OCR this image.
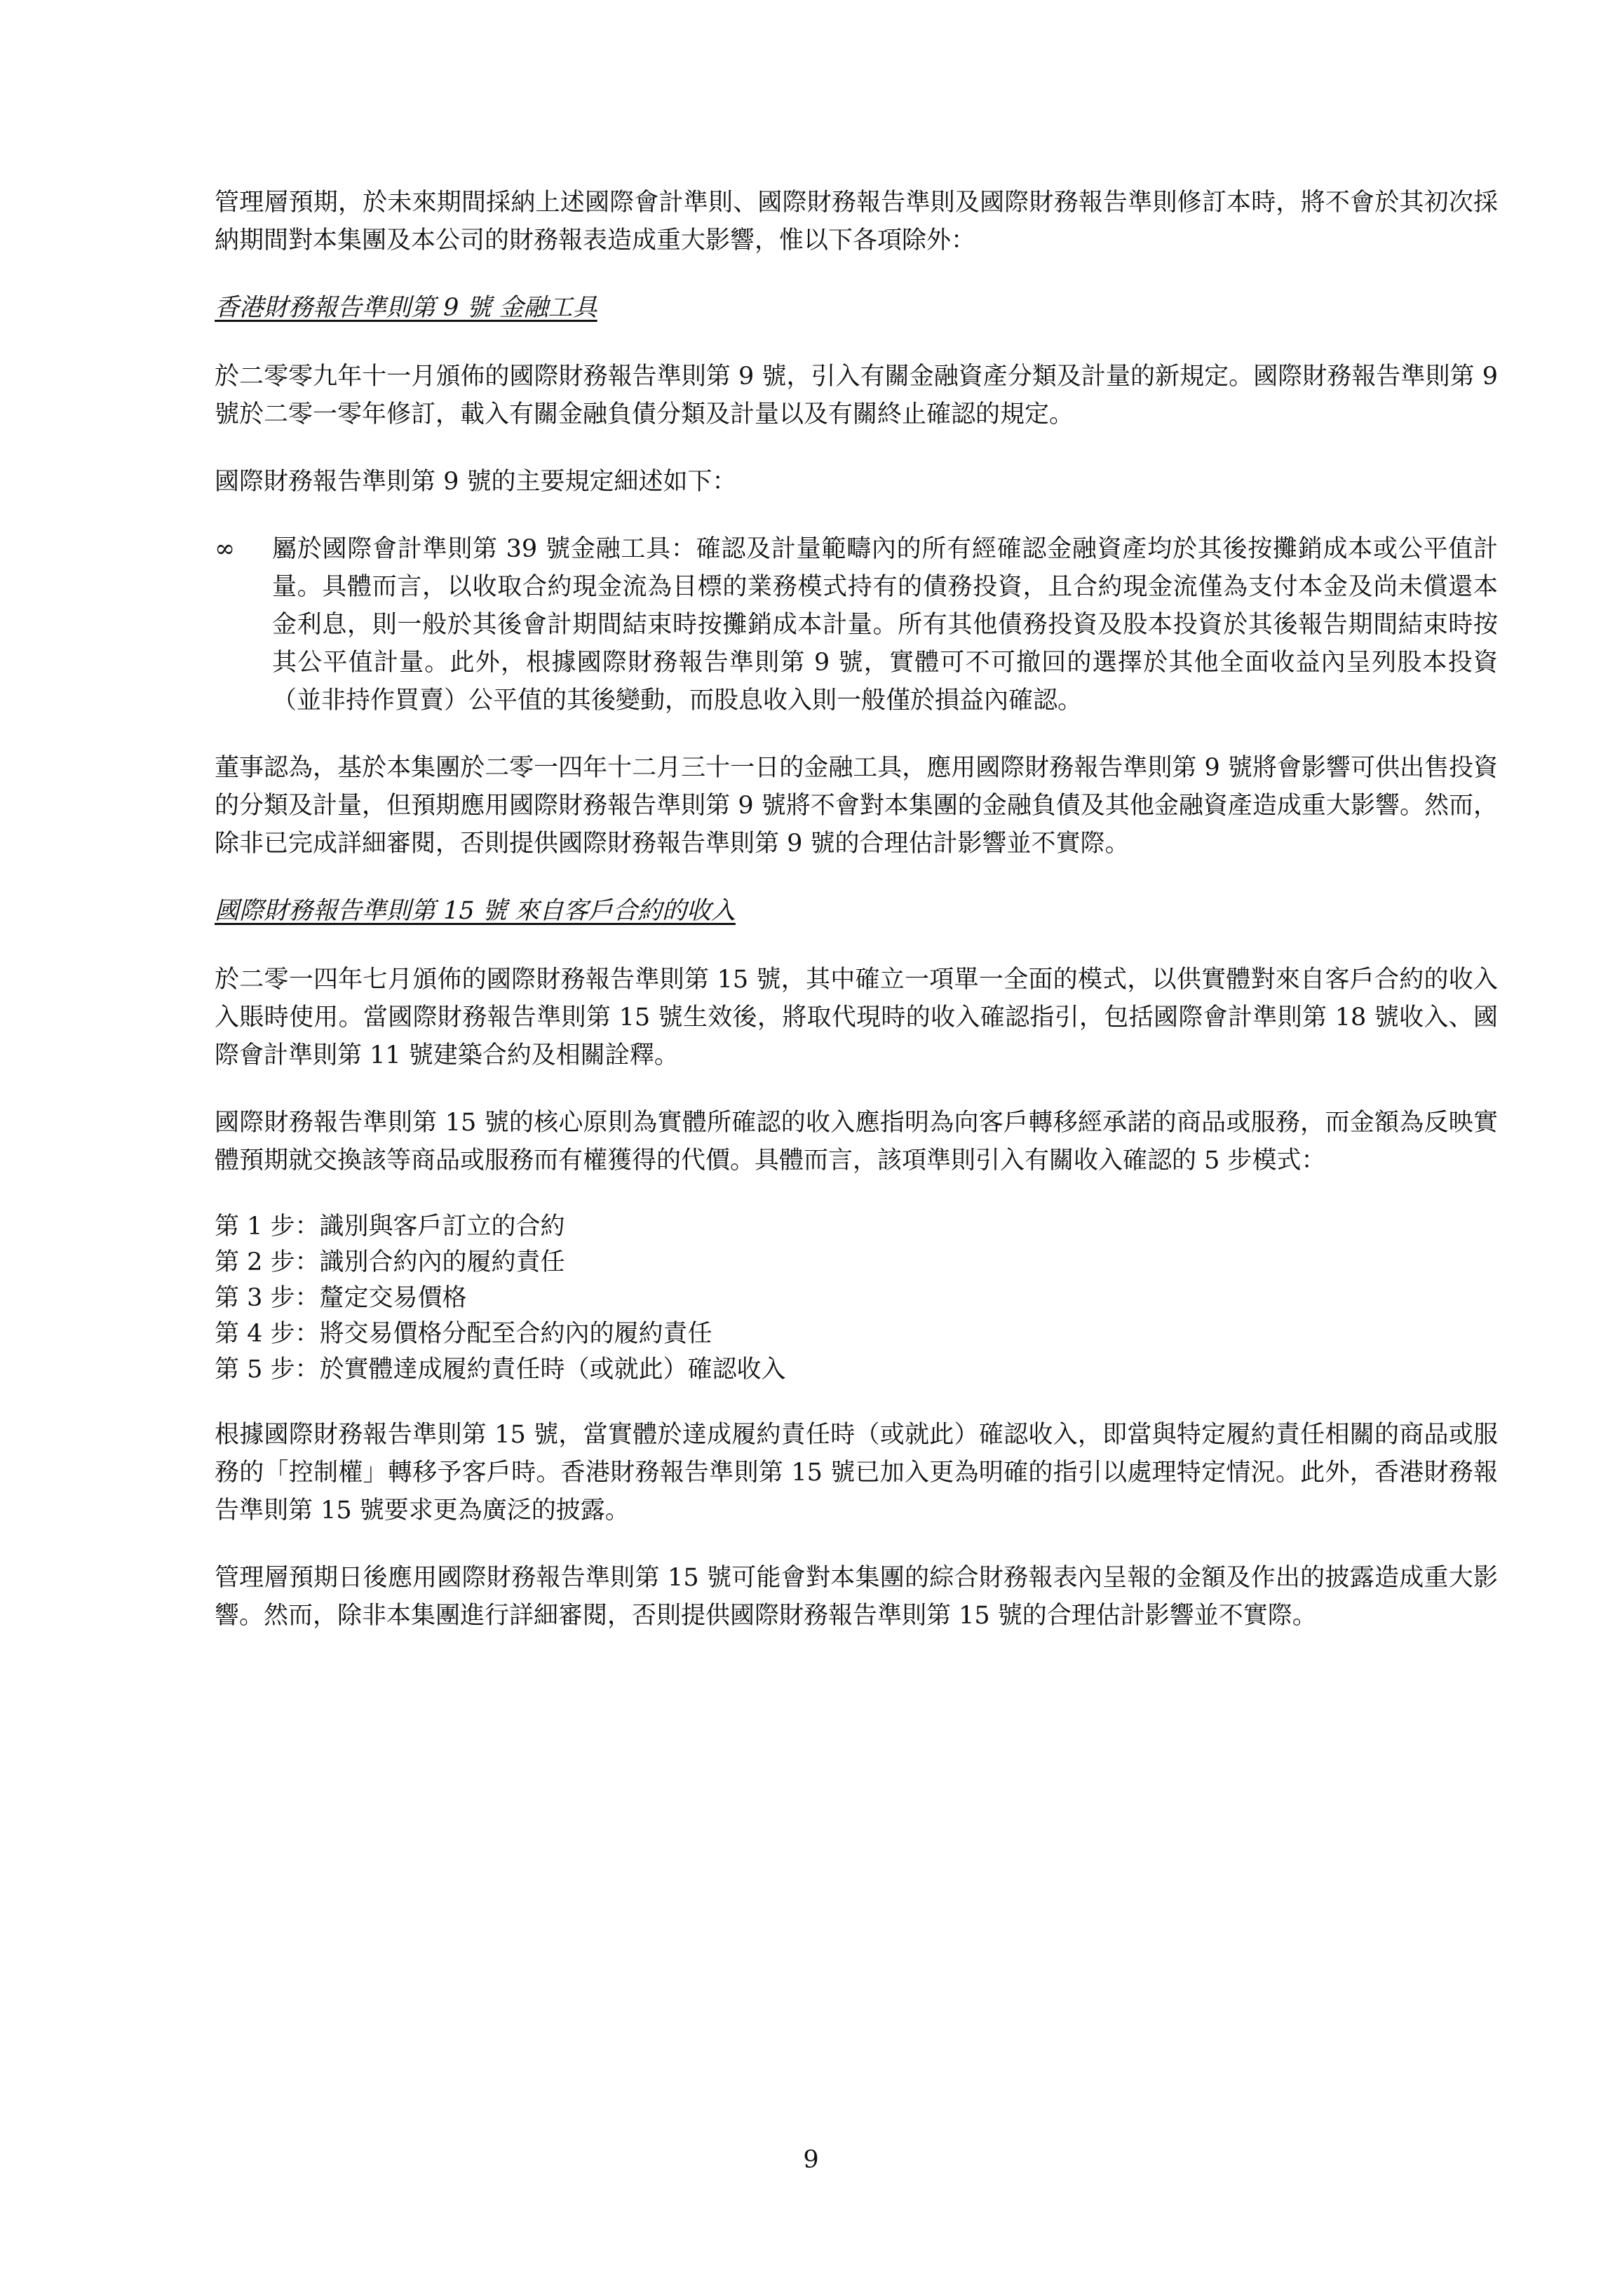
管理層預期，於未來期間採納上述國際會計準則、國際財務報告準則及國際財務報告準則修訂本時，將不會於其初次採納期間對本集團及本公司的財務報表造成重大影響，惟以下各項除外：

香港財務報告準則第 9 號 金融工具

於二零零九年十一月頒佈的國際財務報告準則第 9 號，引入有關金融資產分類及計量的新規定。國際財務報告準則第 9 號於二零一零年修訂，載入有關金融負債分類及計量以及有關終止確認的規定。

國際財務報告準則第 9 號的主要規定細述如下：

∞ 屬於國際會計準則第 39 號金融工具：確認及計量範疇內的所有經確認金融資產均於其後按攤銷成本或公平值計量。具體而言，以收取合約現金流為目標的業務模式持有的債務投資，且合約現金流僅為支付本金及尚未償還本金利息，則一般於其後會計期間結束時按攤銷成本計量。所有其他債務投資及股本投資於其後報告期間結束時按其公平值計量。此外，根據國際財務報告準則第 9 號，實體可不可撤回的選擇於其他全面收益內呈列股本投資（並非持作買賣）公平值的其後變動，而股息收入則一般僅於損益內確認。

董事認為，基於本集團於二零一四年十二月三十一日的金融工具，應用國際財務報告準則第 9 號將會影響可供出售投資的分類及計量，但預期應用國際財務報告準則第 9 號將不會對本集團的金融負債及其他金融資產造成重大影響。然而，除非已完成詳細審閱，否則提供國際財務報告準則第 9 號的合理估計影響並不實際。

國際財務報告準則第 15 號 來自客戶合約的收入

於二零一四年七月頒佈的國際財務報告準則第 15 號，其中確立一項單一全面的模式，以供實體對來自客戶合約的收入入賬時使用。當國際財務報告準則第 15 號生效後，將取代現時的收入確認指引，包括國際會計準則第 18 號收入、國際會計準則第 11 號建築合約及相關詮釋。

國際財務報告準則第 15 號的核心原則為實體所確認的收入應指明為向客戶轉移經承諾的商品或服務，而金額為反映實體預期就交換該等商品或服務而有權獲得的代價。具體而言，該項準則引入有關收入確認的 5 步模式：

第 1 步：識別與客戶訂立的合約
第 2 步：識別合約內的履約責任
第 3 步：釐定交易價格
第 4 步：將交易價格分配至合約內的履約責任
第 5 步：於實體達成履約責任時（或就此）確認收入

根據國際財務報告準則第 15 號，當實體於達成履約責任時（或就此）確認收入，即當與特定履約責任相關的商品或服務的「控制權」轉移予客戶時。香港財務報告準則第 15 號已加入更為明確的指引以處理特定情況。此外，香港財務報告準則第 15 號要求更為廣泛的披露。

管理層預期日後應用國際財務報告準則第 15 號可能會對本集團的綜合財務報表內呈報的金額及作出的披露造成重大影響。然而，除非本集團進行詳細審閱，否則提供國際財務報告準則第 15 號的合理估計影響並不實際。

9
